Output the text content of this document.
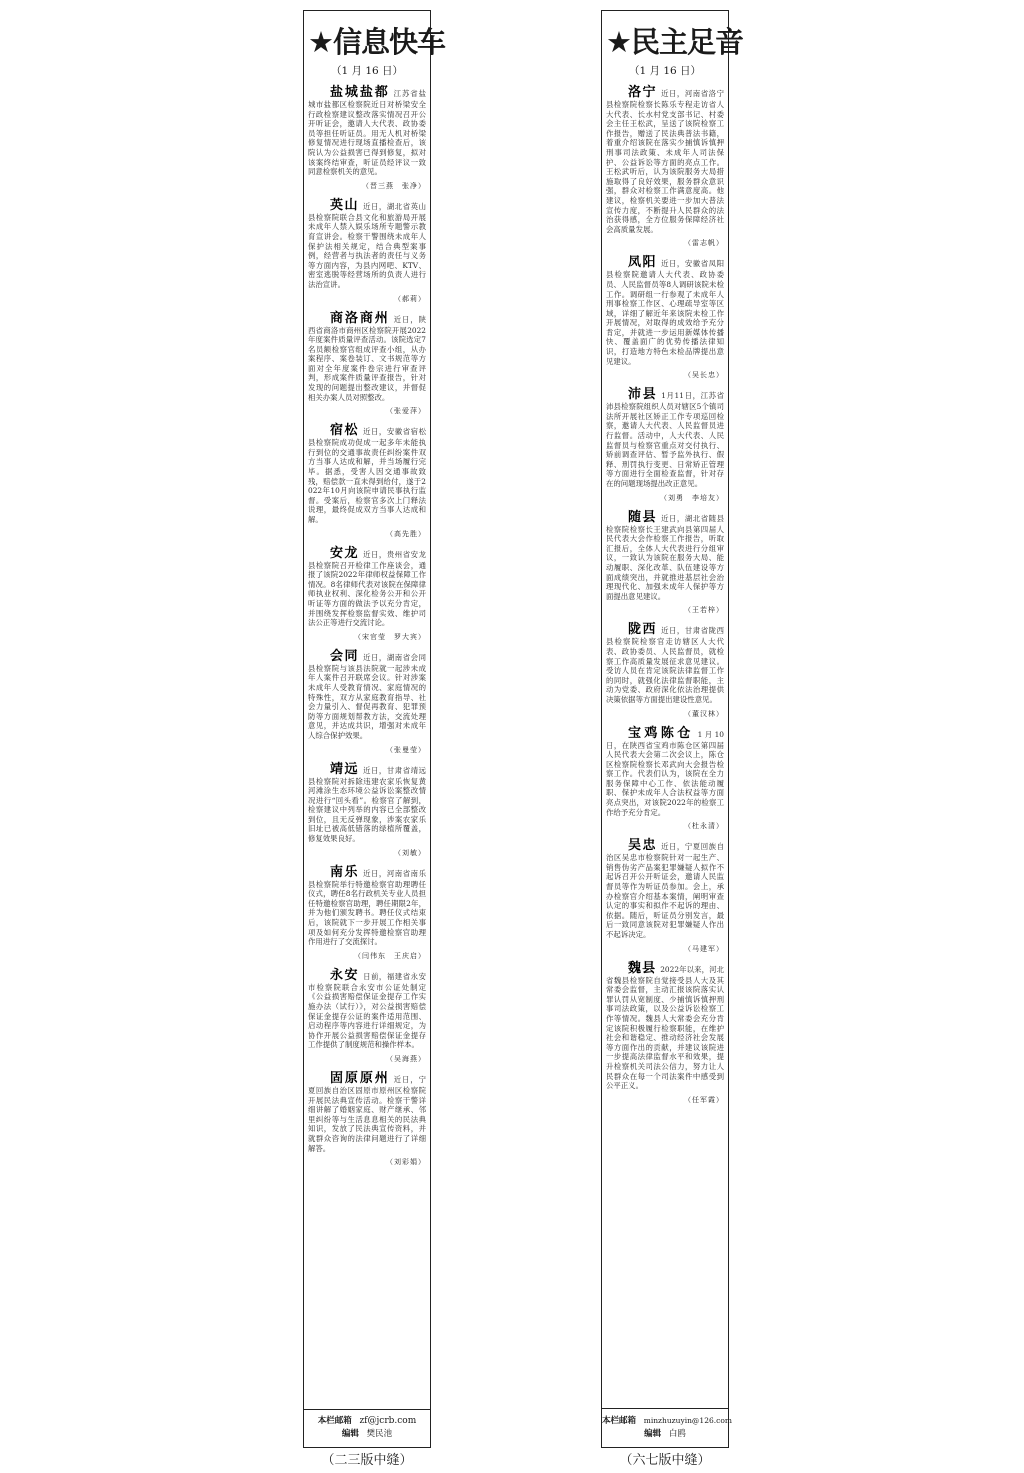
★信息快车
（1 月 16 日）

盐城盐都 江苏省盐城市盐都区检察院近日对桥梁安全行政检察建议整改落实情况召开公开听证会，邀请人大代表、政协委员等担任听证员。用无人机对桥梁修复情况进行现场直播检查后，该院认为公益损害已得到修复，拟对该案终结审查，听证员经评议一致同意检察机关的意见。

（晋三燕　张净）

英山 近日，湖北省英山县检察院联合县文化和旅游局开展未成年人禁入娱乐场所专题警示教育宣讲会。检察干警围绕未成年人保护法相关规定，结合典型案事例，经营者与执法者的责任与义务等方面内容，为县内网吧、KTV、密室逃脱等经营场所的负责人进行法治宣讲。

（郝莉）

商洛商州 近日，陕西省商洛市商州区检察院开展2022年度案件质量评查活动。该院选定7名员额检察官组成评查小组，从办案程序、案卷装订、文书规范等方面对全年度案件卷宗进行审查评判，形成案件质量评查报告，针对发现的问题提出整改建议，并督促相关办案人员对照整改。

（张爱萍）

宿松 近日，安徽省宿松县检察院成功促成一起多年未能执行到位的交通事故责任纠纷案件双方当事人达成和解，并当场履行完毕。据悉，受害人因交通事故致残，赔偿款一直未得到给付，遂于2022年10月向该院申请民事执行监督。受案后，检察官多次上门释法说理，最终促成双方当事人达成和解。

（高先胜）

安龙 近日，贵州省安龙县检察院召开检律工作座谈会，通报了该院2022年律师权益保障工作情况。8名律师代表对该院在保障律师执业权利、深化检务公开和公开听证等方面的做法予以充分肯定，并围绕发挥检察监督实效、维护司法公正等进行交流讨论。

（宋官莹　罗大宾）

会同 近日，湖南省会同县检察院与该县法院就一起涉未成年人案件召开联席会议。针对涉案未成年人受教育情况、家庭情况的特殊性，双方从家庭教育指导、社会力量引入、督促再教育、犯罪预防等方面规划帮教方法，交流处理意见，并达成共识，增强对未成年人综合保护效果。

（张曼莹）

靖远 近日，甘肃省靖远县检察院对拆除违建农家乐恢复黄河滩涂生态环境公益诉讼案整改情况进行“回头看”。检察官了解到，检察建议中列举的内容已全部整改到位，且无反弹现象，涉案农家乐旧址已被高低错落的绿植所覆盖，修复效果良好。

（刘敏）

南乐 近日，河南省南乐县检察院举行特邀检察官助理聘任仪式，聘任8名行政机关专业人员担任特邀检察官助理，聘任期限2年，并为他们颁发聘书。聘任仪式结束后，该院就下一步开展工作相关事项及如何充分发挥特邀检察官助理作用进行了交流探讨。

（闫伟东　王庆启）

永安 日前，福建省永安市检察院联合永安市公证处制定《公益损害赔偿保证金提存工作实施办法（试行）》，对公益损害赔偿保证金提存公证的案件适用范围、启动程序等内容进行详细规定，为协作开展公益损害赔偿保证金提存工作提供了制度规范和操作样本。

（吴海燕）

固原原州 近日，宁夏回族自治区固原市原州区检察院开展民法典宣传活动。检察干警详细讲解了婚姻家庭、财产继承、邻里纠纷等与生活息息相关的民法典知识，发放了民法典宣传资料，并就群众咨询的法律问题进行了详细解答。

（刘彩娟）
本栏邮箱 zf@jcrb.com
编辑 樊民池
★民主足音
（1 月 16 日）

洛宁 近日，河南省洛宁县检察院检察长陈乐专程走访省人大代表、长水村党支部书记、村委会主任王松武，呈送了该院检察工作报告，赠送了民法典普法书籍，着重介绍该院在落实少捕慎诉慎押刑事司法政策、未成年人司法保护、公益诉讼等方面的亮点工作。王松武听后，认为该院服务大局措施取得了良好效果，服务群众意识强，群众对检察工作满意度高。他建议，检察机关要进一步加大普法宣传力度，不断提升人民群众的法治获得感，全方位服务保障经济社会高质量发展。

（雷志帆）

凤阳 近日，安徽省凤阳县检察院邀请人大代表、政协委员、人民监督员等8人调研该院未检工作。调研组一行参观了未成年人刑事检察工作区、心理疏导室等区域，详细了解近年来该院未检工作开展情况，对取得的成效给予充分肯定，并就进一步运用新媒体传播快、覆盖面广的优势传播法律知识，打造地方特色未检品牌提出意见建议。

（吴长忠）

沛县 1月11日，江苏省沛县检察院组织人员对辖区5个镇司法所开展社区矫正工作专项巡回检察，邀请人大代表、人民监督员进行监督。活动中，人大代表、人民监督员与检察官重点对交付执行、矫前调查评估、暂予监外执行、假释、刑罚执行变更、日常矫正管理等方面进行全面检查监督，针对存在的问题现场提出改正意见。

（刘勇　李培友）

随县 近日，湖北省随县检察院检察长王建武向县第四届人民代表大会作检察工作报告，听取汇报后，全体人大代表进行分组审议，一致认为该院在服务大局、能动履职、深化改革、队伍建设等方面成绩突出，并就推进基层社会治理现代化、加强未成年人保护等方面提出意见建议。

（王若梓）

陇西 近日，甘肃省陇西县检察院检察官走访辖区人大代表、政协委员、人民监督员，就检察工作高质量发展征求意见建议。受访人员在肯定该院法律监督工作的同时，就强化法律监督职能，主动为党委、政府深化依法治理提供决策依据等方面提出建设性意见。

（董汉林）

宝鸡陈仓 1月10日，在陕西省宝鸡市陈仓区第四届人民代表大会第二次会议上，陈仓区检察院检察长邓武向大会报告检察工作。代表们认为，该院在全力服务保障中心工作、依法能动履职、保护未成年人合法权益等方面亮点突出，对该院2022年的检察工作给予充分肯定。

（杜永清）

吴忠 近日，宁夏回族自治区吴忠市检察院针对一起生产、销售伪劣产品案犯罪嫌疑人拟作不起诉召开公开听证会，邀请人民监督员等作为听证员参加。会上，承办检察官介绍基本案情，阐明审查认定的事实和拟作不起诉的理由、依据。随后，听证员分别发言，最后一致同意该院对犯罪嫌疑人作出不起诉决定。

（马建军）

魏县 2022年以来，河北省魏县检察院自觉接受县人大及其常委会监督，主动汇报该院落实认罪认罚从宽制度、少捕慎诉慎押刑事司法政策，以及公益诉讼检察工作等情况。魏县人大常委会充分肯定该院积极履行检察职能，在维护社会和谐稳定、推动经济社会发展等方面作出的贡献，并建议该院进一步提高法律监督水平和效果，提升检察机关司法公信力，努力让人民群众在每一个司法案件中感受到公平正义。

（任军霞）
本栏邮箱 minzhuzuyin@126.com
编辑 白鸥
（二三版中缝）	（六七版中缝）
